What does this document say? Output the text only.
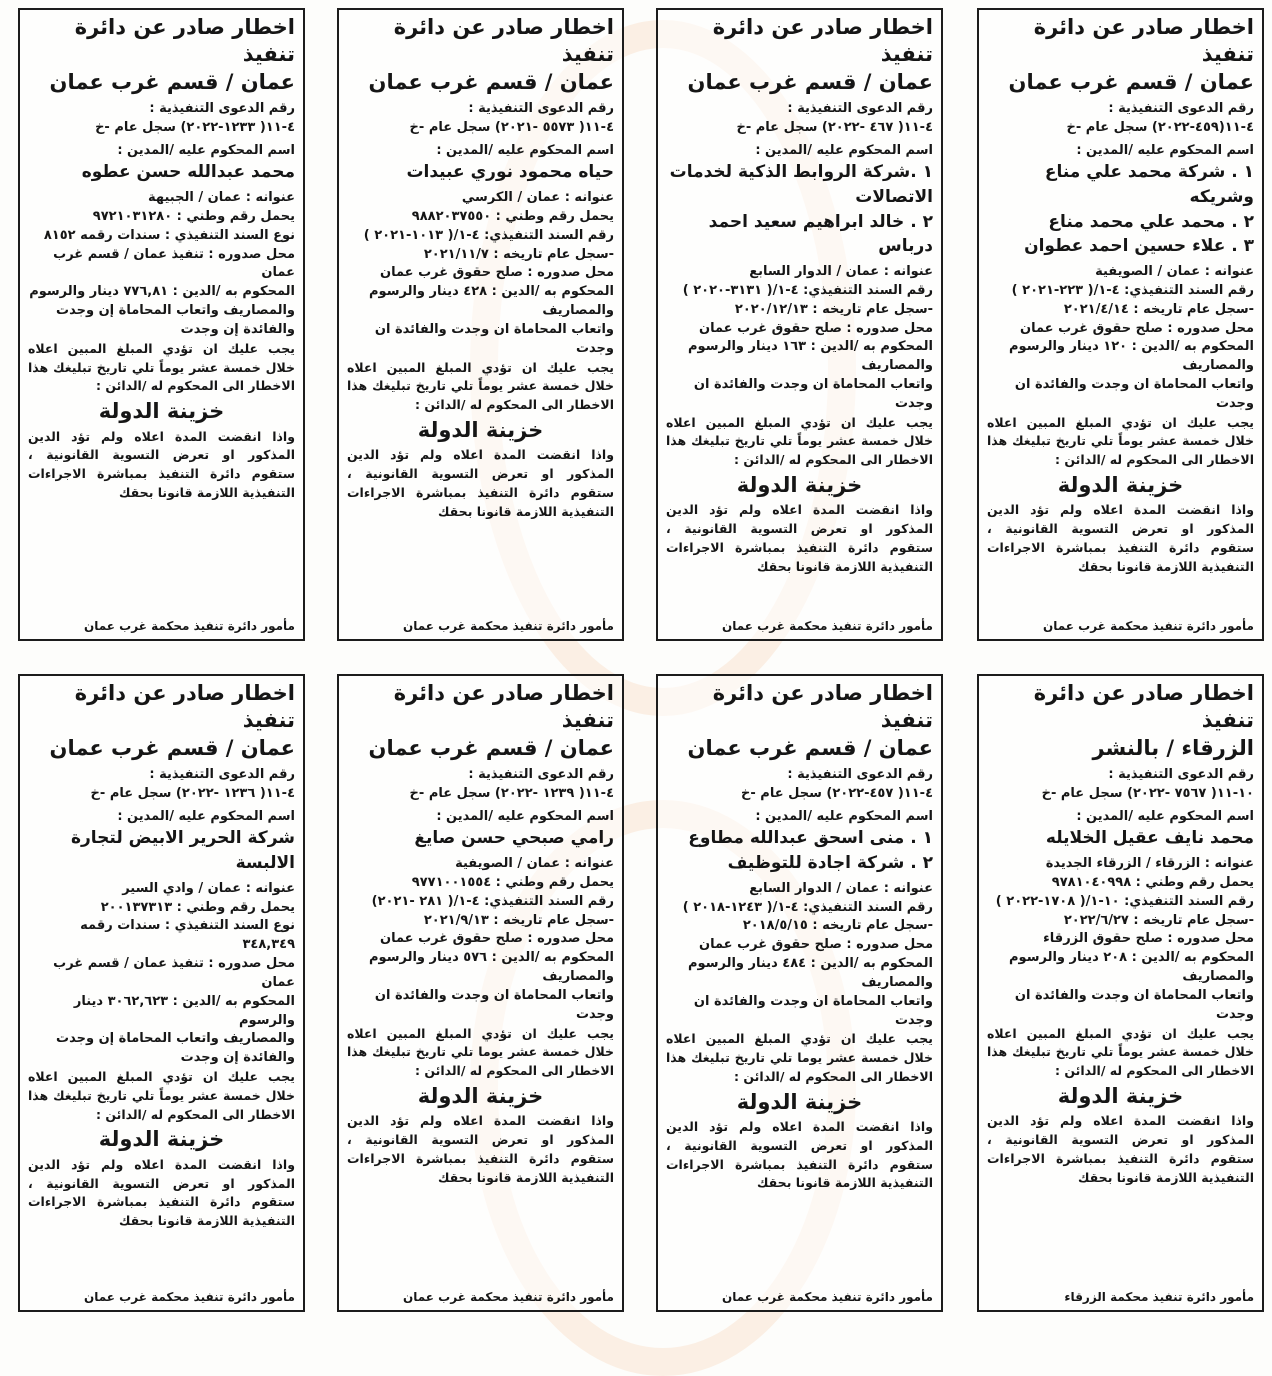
اخطار صادر عن دائرة تنفيذ
عمان / قسم غرب عمان
رقم الدعوى التنفيذية :
٤-١١(٤٥٩-٢٠٢٢) سجل عام -خ
اسم المحكوم عليه /المدين :
١ . شركة محمد علي مناع وشريكه
٢ . محمد علي محمد مناع
٣ . علاء حسين احمد عطوان
عنوانه : عمان / الصويفية
رقم السند التنفيذي: ٤-١/( ٢٢٣-٢٠٢١ )
-سجل عام تاريخه : ٢٠٢١/٤/١٤
محل صدوره : صلح حقوق غرب عمان
المحكوم به /الدين : ١٢٠ دينار والرسوم والمصاريف
واتعاب المحاماة ان وجدت والفائدة ان وجدت
يجب عليك ان تؤدي المبلغ المبين اعلاه خلال خمسة عشر يوماً تلي تاريخ تبليغك هذا الاخطار الى المحكوم له /الدائن :
خزينة الدولة
واذا انقضت المدة اعلاه ولم تؤد الدين المذكور او تعرض التسوية القانونية ، ستقوم دائرة التنفيذ بمباشرة الاجراءات التنفيذية اللازمة قانونا بحقك
مأمور دائرة تنفيذ محكمة غرب عمان
اخطار صادر عن دائرة تنفيذ
عمان / قسم غرب عمان
رقم الدعوى التنفيذية :
٤-١١( ٤٦٧ -٢٠٢٢) سجل عام -خ
اسم المحكوم عليه /المدين :
١ .شركة الروابط الذكية لخدمات الاتصالات
٢ . خالد ابراهيم سعيد احمد درباس
عنوانه : عمان / الدوار السابع
رقم السند التنفيذي: ٤-١/( ٣١٣١-٢٠٢٠ )
-سجل عام تاريخه : ٢٠٢٠/١٢/١٣
محل صدوره : صلح حقوق غرب عمان
المحكوم به /الدين : ١٦٣ دينار والرسوم والمصاريف
واتعاب المحاماة ان وجدت والفائدة ان وجدت
يجب عليك ان تؤدي المبلغ المبين اعلاه خلال خمسة عشر يوماً تلي تاريخ تبليغك هذا الاخطار الى المحكوم له /الدائن :
خزينة الدولة
واذا انقضت المدة اعلاه ولم تؤد الدين المذكور او تعرض التسوية القانونية ، ستقوم دائرة التنفيذ بمباشرة الاجراءات التنفيذية اللازمة قانونا بحقك
مأمور دائرة تنفيذ محكمة غرب عمان
اخطار صادر عن دائرة تنفيذ
عمان / قسم غرب عمان
رقم الدعوى التنفيذية :
٤-١١( ٥٥٧٣ -٢٠٢١) سجل عام -خ
اسم المحكوم عليه /المدين :
حياه محمود نوري عبيدات
عنوانه : عمان / الكرسي
يحمل رقم وطني : ٩٨٨٢٠٣٧٥٥٠
رقم السند التنفيذي: ٤-١/( ١٠١٣-٢٠٢١ )
-سجل عام تاريخه : ٢٠٢١/١١/٧
محل صدوره : صلح حقوق غرب عمان
المحكوم به /الدين : ٤٢٨ دينار والرسوم والمصاريف
واتعاب المحاماة ان وجدت والفائدة ان وجدت
يجب عليك ان تؤدي المبلغ المبين اعلاه خلال خمسة عشر يوماً تلي تاريخ تبليغك هذا الاخطار الى المحكوم له /الدائن :
خزينة الدولة
واذا انقضت المدة اعلاه ولم تؤد الدين المذكور او تعرض التسوية القانونية ، ستقوم دائرة التنفيذ بمباشرة الاجراءات التنفيذية اللازمة قانونا بحقك
مأمور دائرة تنفيذ محكمة غرب عمان
اخطار صادر عن دائرة تنفيذ
عمان / قسم غرب عمان
رقم الدعوى التنفيذية :
٤-١١( ١٢٣٣-٢٠٢٢) سجل عام -خ
اسم المحكوم عليه /المدين :
محمد عبدالله حسن عطوه
عنوانه : عمان / الجبيهة
يحمل رقم وطني : ٩٧٢١٠٣١٢٨٠
نوع السند التنفيذي : سندات رقمه ٨١٥٢
محل صدوره : تنفيذ عمان / قسم غرب عمان
المحكوم به /الدين : ٧٧٦,٨١ دينار والرسوم
والمصاريف واتعاب المحاماة إن وجدت والفائدة إن وجدت
يجب عليك ان تؤدي المبلغ المبين اعلاه خلال خمسة عشر يوماً تلي تاريخ تبليغك هذا الاخطار الى المحكوم له /الدائن :
خزينة الدولة
واذا انقضت المدة اعلاه ولم تؤد الدين المذكور او تعرض التسوية القانونية ، ستقوم دائرة التنفيذ بمباشرة الاجراءات التنفيذية اللازمة قانونا بحقك
مأمور دائرة تنفيذ محكمة غرب عمان
اخطار صادر عن دائرة تنفيذ
الزرقاء / بالنشر
رقم الدعوى التنفيذية :
١٠-١١( ٧٥٦٧ -٢٠٢٢) سجل عام -خ
اسم المحكوم عليه /المدين :
محمد نايف عقيل الخلايله
عنوانه : الزرقاء / الزرقاء الجديدة
يحمل رقم وطني : ٩٧٨١٠٤٠٩٩٨
رقم السند التنفيذي: ١٠-١/( ١٧٠٨-٢٠٢٢ )
-سجل عام تاريخه : ٢٠٢٢/٦/٢٧
محل صدوره : صلح حقوق الزرقاء
المحكوم به /الدين : ٢٠٨ دينار والرسوم والمصاريف
واتعاب المحاماة ان وجدت والفائدة ان وجدت
يجب عليك ان تؤدي المبلغ المبين اعلاه خلال خمسة عشر يوماً تلي تاريخ تبليغك هذا الاخطار الى المحكوم له /الدائن :
خزينة الدولة
واذا انقضت المدة اعلاه ولم تؤد الدين المذكور او تعرض التسوية القانونية ، ستقوم دائرة التنفيذ بمباشرة الاجراءات التنفيذية اللازمة قانونا بحقك
مأمور دائرة تنفيذ محكمة الزرقاء
اخطار صادر عن دائرة تنفيذ
عمان / قسم غرب عمان
رقم الدعوى التنفيذية :
٤-١١( ٤٥٧-٢٠٢٢) سجل عام -خ
اسم المحكوم عليه /المدين :
١ . منى اسحق عبدالله مطاوع
٢ . شركة اجادة للتوظيف
عنوانه : عمان / الدوار السابع
رقم السند التنفيذي: ٤-١/( ١٢٤٣-٢٠١٨ )
-سجل عام تاريخه : ٢٠١٨/٥/١٥
محل صدوره : صلح حقوق غرب عمان
المحكوم به /الدين : ٤٨٤ دينار والرسوم والمصاريف
واتعاب المحاماة ان وجدت والفائدة ان وجدت
يجب عليك ان تؤدي المبلغ المبين اعلاه خلال خمسة عشر يوما تلي تاريخ تبليغك هذا الاخطار الى المحكوم له /الدائن :
خزينة الدولة
واذا انقضت المدة اعلاه ولم تؤد الدين المذكور او تعرض التسوية القانونية ، ستقوم دائرة التنفيذ بمباشرة الاجراءات التنفيذية اللازمة قانونا بحقك
مأمور دائرة تنفيذ محكمة غرب عمان
اخطار صادر عن دائرة تنفيذ
عمان / قسم غرب عمان
رقم الدعوى التنفيذية :
٤-١١( ١٢٣٩ -٢٠٢٢) سجل عام -خ
اسم المحكوم عليه /المدين :
رامي صبحي حسن صايغ
عنوانه : عمان / الصويفية
يحمل رقم وطني : ٩٧٧١٠٠١٥٥٤
رقم السند التنفيذي: ٤-١/( ٢٨١ -٢٠٢١)
-سجل عام تاريخه : ٢٠٢١/٩/١٣
محل صدوره : صلح حقوق غرب عمان
المحكوم به /الدين : ٥٧٦ دينار والرسوم والمصاريف
واتعاب المحاماة ان وجدت والفائدة ان وجدت
يجب عليك ان تؤدي المبلغ المبين اعلاه خلال خمسة عشر يوما تلي تاريخ تبليغك هذا الاخطار الى المحكوم له /الدائن :
خزينة الدولة
واذا انقضت المدة اعلاه ولم تؤد الدين المذكور او تعرض التسوية القانونية ، ستقوم دائرة التنفيذ بمباشرة الاجراءات التنفيذية اللازمة قانونا بحقك
مأمور دائرة تنفيذ محكمة غرب عمان
اخطار صادر عن دائرة تنفيذ
عمان / قسم غرب عمان
رقم الدعوى التنفيذية :
٤-١١( ١٢٣٦ -٢٠٢٢) سجل عام -خ
اسم المحكوم عليه /المدين :
شركة الحرير الابيض لتجارة الالبسة
عنوانه : عمان / وادي السير
يحمل رقم وطني : ٢٠٠١٣٧٣١٣
نوع السند التنفيذي : سندات رقمه ٣٤٨,٣٤٩
محل صدوره : تنفيذ عمان / قسم غرب عمان
المحكوم به /الدين : ٣٠٦٢,٦٢٣ دينار والرسوم
والمصاريف واتعاب المحاماة إن وجدت والفائدة إن وجدت
يجب عليك ان تؤدي المبلغ المبين اعلاه خلال خمسة عشر يوماً تلي تاريخ تبليغك هذا الاخطار الى المحكوم له /الدائن :
خزينة الدولة
واذا انقضت المدة اعلاه ولم تؤد الدين المذكور او تعرض التسوية القانونية ، ستقوم دائرة التنفيذ بمباشرة الاجراءات التنفيذية اللازمة قانونا بحقك
مأمور دائرة تنفيذ محكمة غرب عمان
